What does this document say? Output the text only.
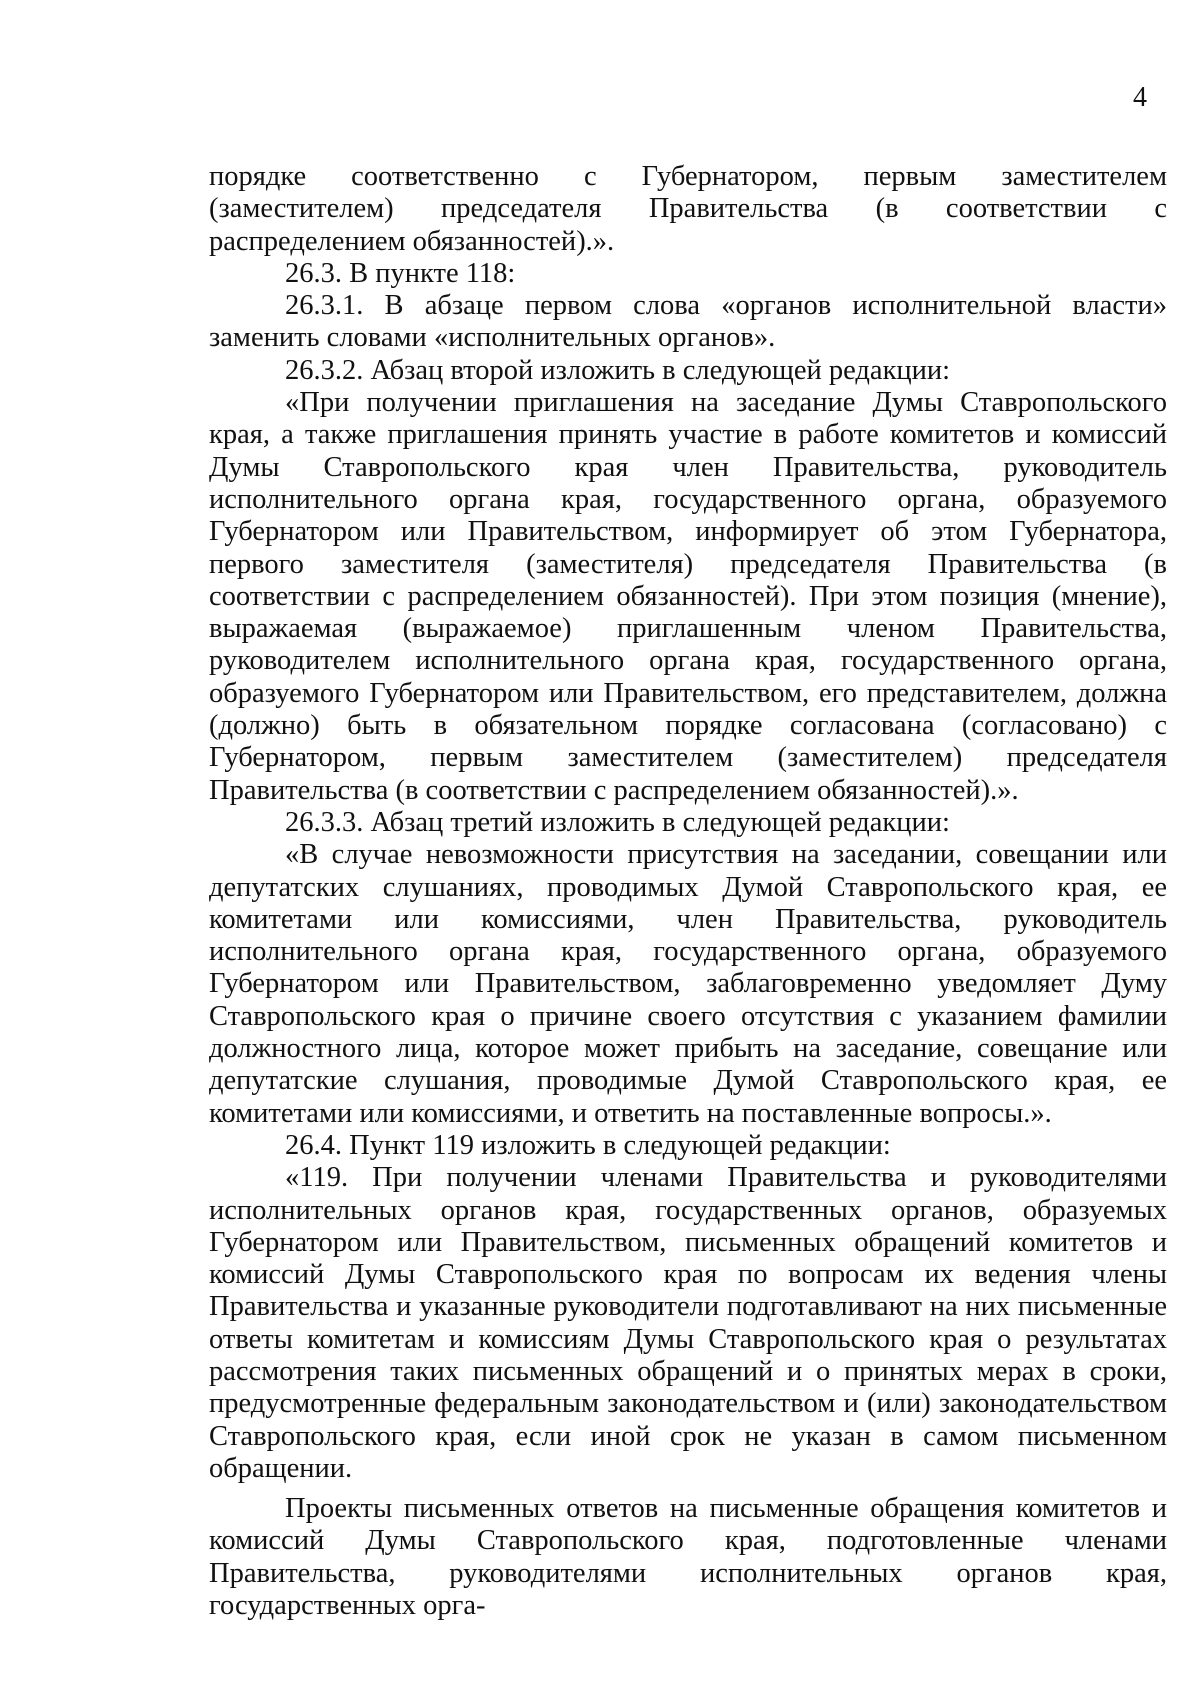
4

порядке соответственно с Губернатором, первым заместителем (заместителем) председателя Правительства (в соответствии с распределением обязанностей).».

26.3. В пункте 118:

26.3.1. В абзаце первом слова «органов исполнительной власти» заменить словами «исполнительных органов».

26.3.2. Абзац второй изложить в следующей редакции:

«При получении приглашения на заседание Думы Ставропольского края, а также приглашения принять участие в работе комитетов и комиссий Думы Ставропольского края член Правительства, руководитель исполнительного органа края, государственного органа, образуемого Губернатором или Правительством, информирует об этом Губернатора, первого заместителя (заместителя) председателя Правительства (в соответствии с распределением обязанностей). При этом позиция (мнение), выражаемая (выражаемое) приглашенным членом Правительства, руководителем исполнительного органа края, государственного органа, образуемого Губернатором или Правительством, его представителем, должна (должно) быть в обязательном порядке согласована (согласовано) с Губернатором, первым заместителем (заместителем) председателя Правительства (в соответствии с распределением обязанностей).».

26.3.3. Абзац третий изложить в следующей редакции:

«В случае невозможности присутствия на заседании, совещании или депутатских слушаниях, проводимых Думой Ставропольского края, ее комитетами или комиссиями, член Правительства, руководитель исполнительного органа края, государственного органа, образуемого Губернатором или Правительством, заблаговременно уведомляет Думу Ставропольского края о причине своего отсутствия с указанием фамилии должностного лица, которое может прибыть на заседание, совещание или депутатские слушания, проводимые Думой Ставропольского края, ее комитетами или комиссиями, и ответить на поставленные вопросы.».

26.4. Пункт 119 изложить в следующей редакции:

«119. При получении членами Правительства и руководителями исполнительных органов края, государственных органов, образуемых Губернатором или Правительством, письменных обращений комитетов и комиссий Думы Ставропольского края по вопросам их ведения члены Правительства и указанные руководители подготавливают на них письменные ответы комитетам и комиссиям Думы Ставропольского края о результатах рассмотрения таких письменных обращений и о принятых мерах в сроки, предусмотренные федеральным законодательством и (или) законодательством Ставропольского края, если иной срок не указан в самом письменном обращении.

Проекты письменных ответов на письменные обращения комитетов и комиссий Думы Ставропольского края, подготовленные членами Правительства, руководителями исполнительных органов края, государственных орга-
